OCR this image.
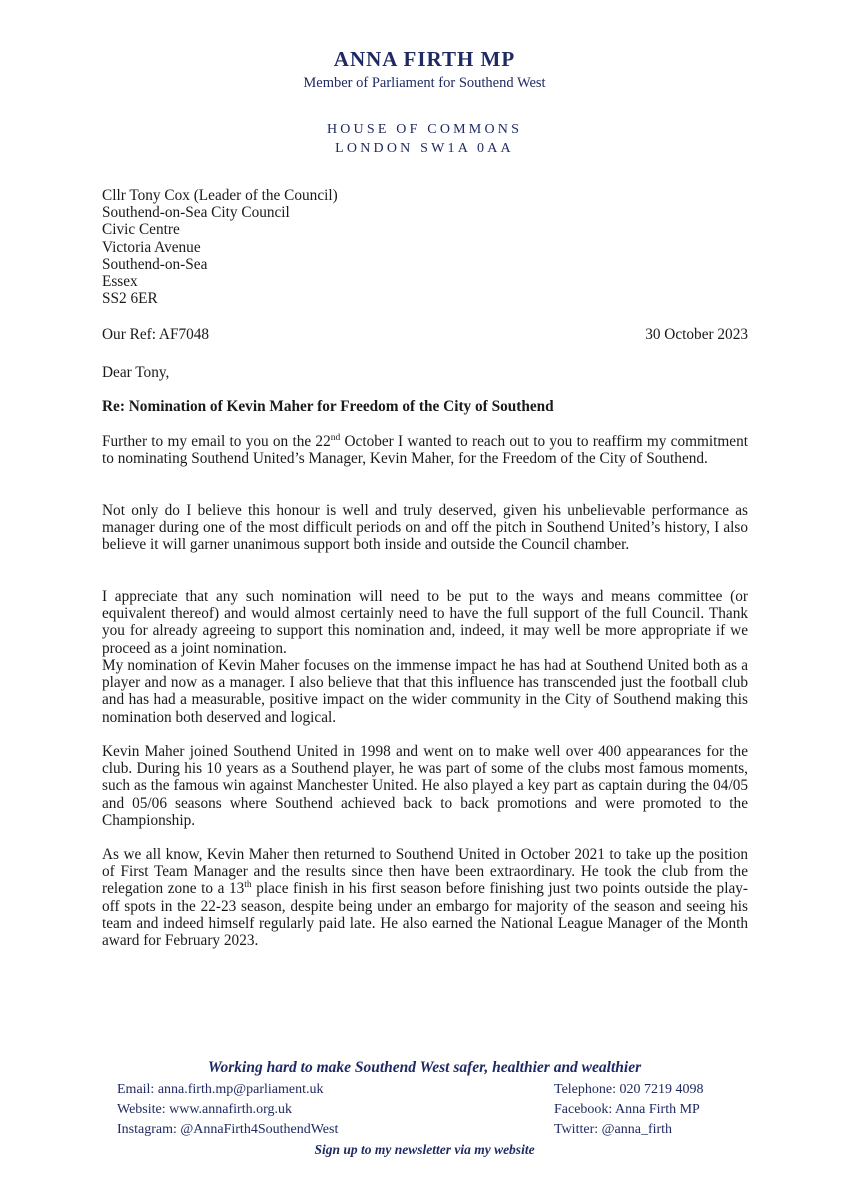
ANNA FIRTH MP
Member of Parliament for Southend West
HOUSE OF COMMONS
LONDON SW1A 0AA
Cllr Tony Cox (Leader of the Council)
Southend-on-Sea City Council
Civic Centre
Victoria Avenue
Southend-on-Sea
Essex
SS2 6ER
Our Ref: AF7048	30 October 2023
Dear Tony,
Re: Nomination of Kevin Maher for Freedom of the City of Southend

Further to my email to you on the 22nd October I wanted to reach out to you to reaffirm my commitment to nominating Southend United’s Manager, Kevin Maher, for the Freedom of the City of Southend.

Not only do I believe this honour is well and truly deserved, given his unbelievable performance as manager during one of the most difficult periods on and off the pitch in Southend United’s history, I also believe it will garner unanimous support both inside and outside the Council chamber.

I appreciate that any such nomination will need to be put to the ways and means committee (or equivalent thereof) and would almost certainly need to have the full support of the full Council. Thank you for already agreeing to support this nomination and, indeed, it may well be more appropriate if we proceed as a joint nomination.

My nomination of Kevin Maher focuses on the immense impact he has had at Southend United both as a player and now as a manager. I also believe that that this influence has transcended just the football club and has had a measurable, positive impact on the wider community in the City of Southend making this nomination both deserved and logical.

Kevin Maher joined Southend United in 1998 and went on to make well over 400 appearances for the club. During his 10 years as a Southend player, he was part of some of the clubs most famous moments, such as the famous win against Manchester United. He also played a key part as captain during the 04/05 and 05/06 seasons where Southend achieved back to back promotions and were promoted to the Championship.

As we all know, Kevin Maher then returned to Southend United in October 2021 to take up the position of First Team Manager and the results since then have been extraordinary. He took the club from the relegation zone to a 13th place finish in his first season before finishing just two points outside the play-off spots in the 22-23 season, despite being under an embargo for majority of the season and seeing his team and indeed himself regularly paid late. He also earned the National League Manager of the Month award for February 2023.

Working hard to make Southend West safer, healthier and wealthier
Email: anna.firth.mp@parliament.uk	Telephone: 020 7219 4098
Website: www.annafirth.org.uk	Facebook: Anna Firth MP
Instagram: @AnnaFirth4SouthendWest	Twitter: @anna_firth
Sign up to my newsletter via my website
